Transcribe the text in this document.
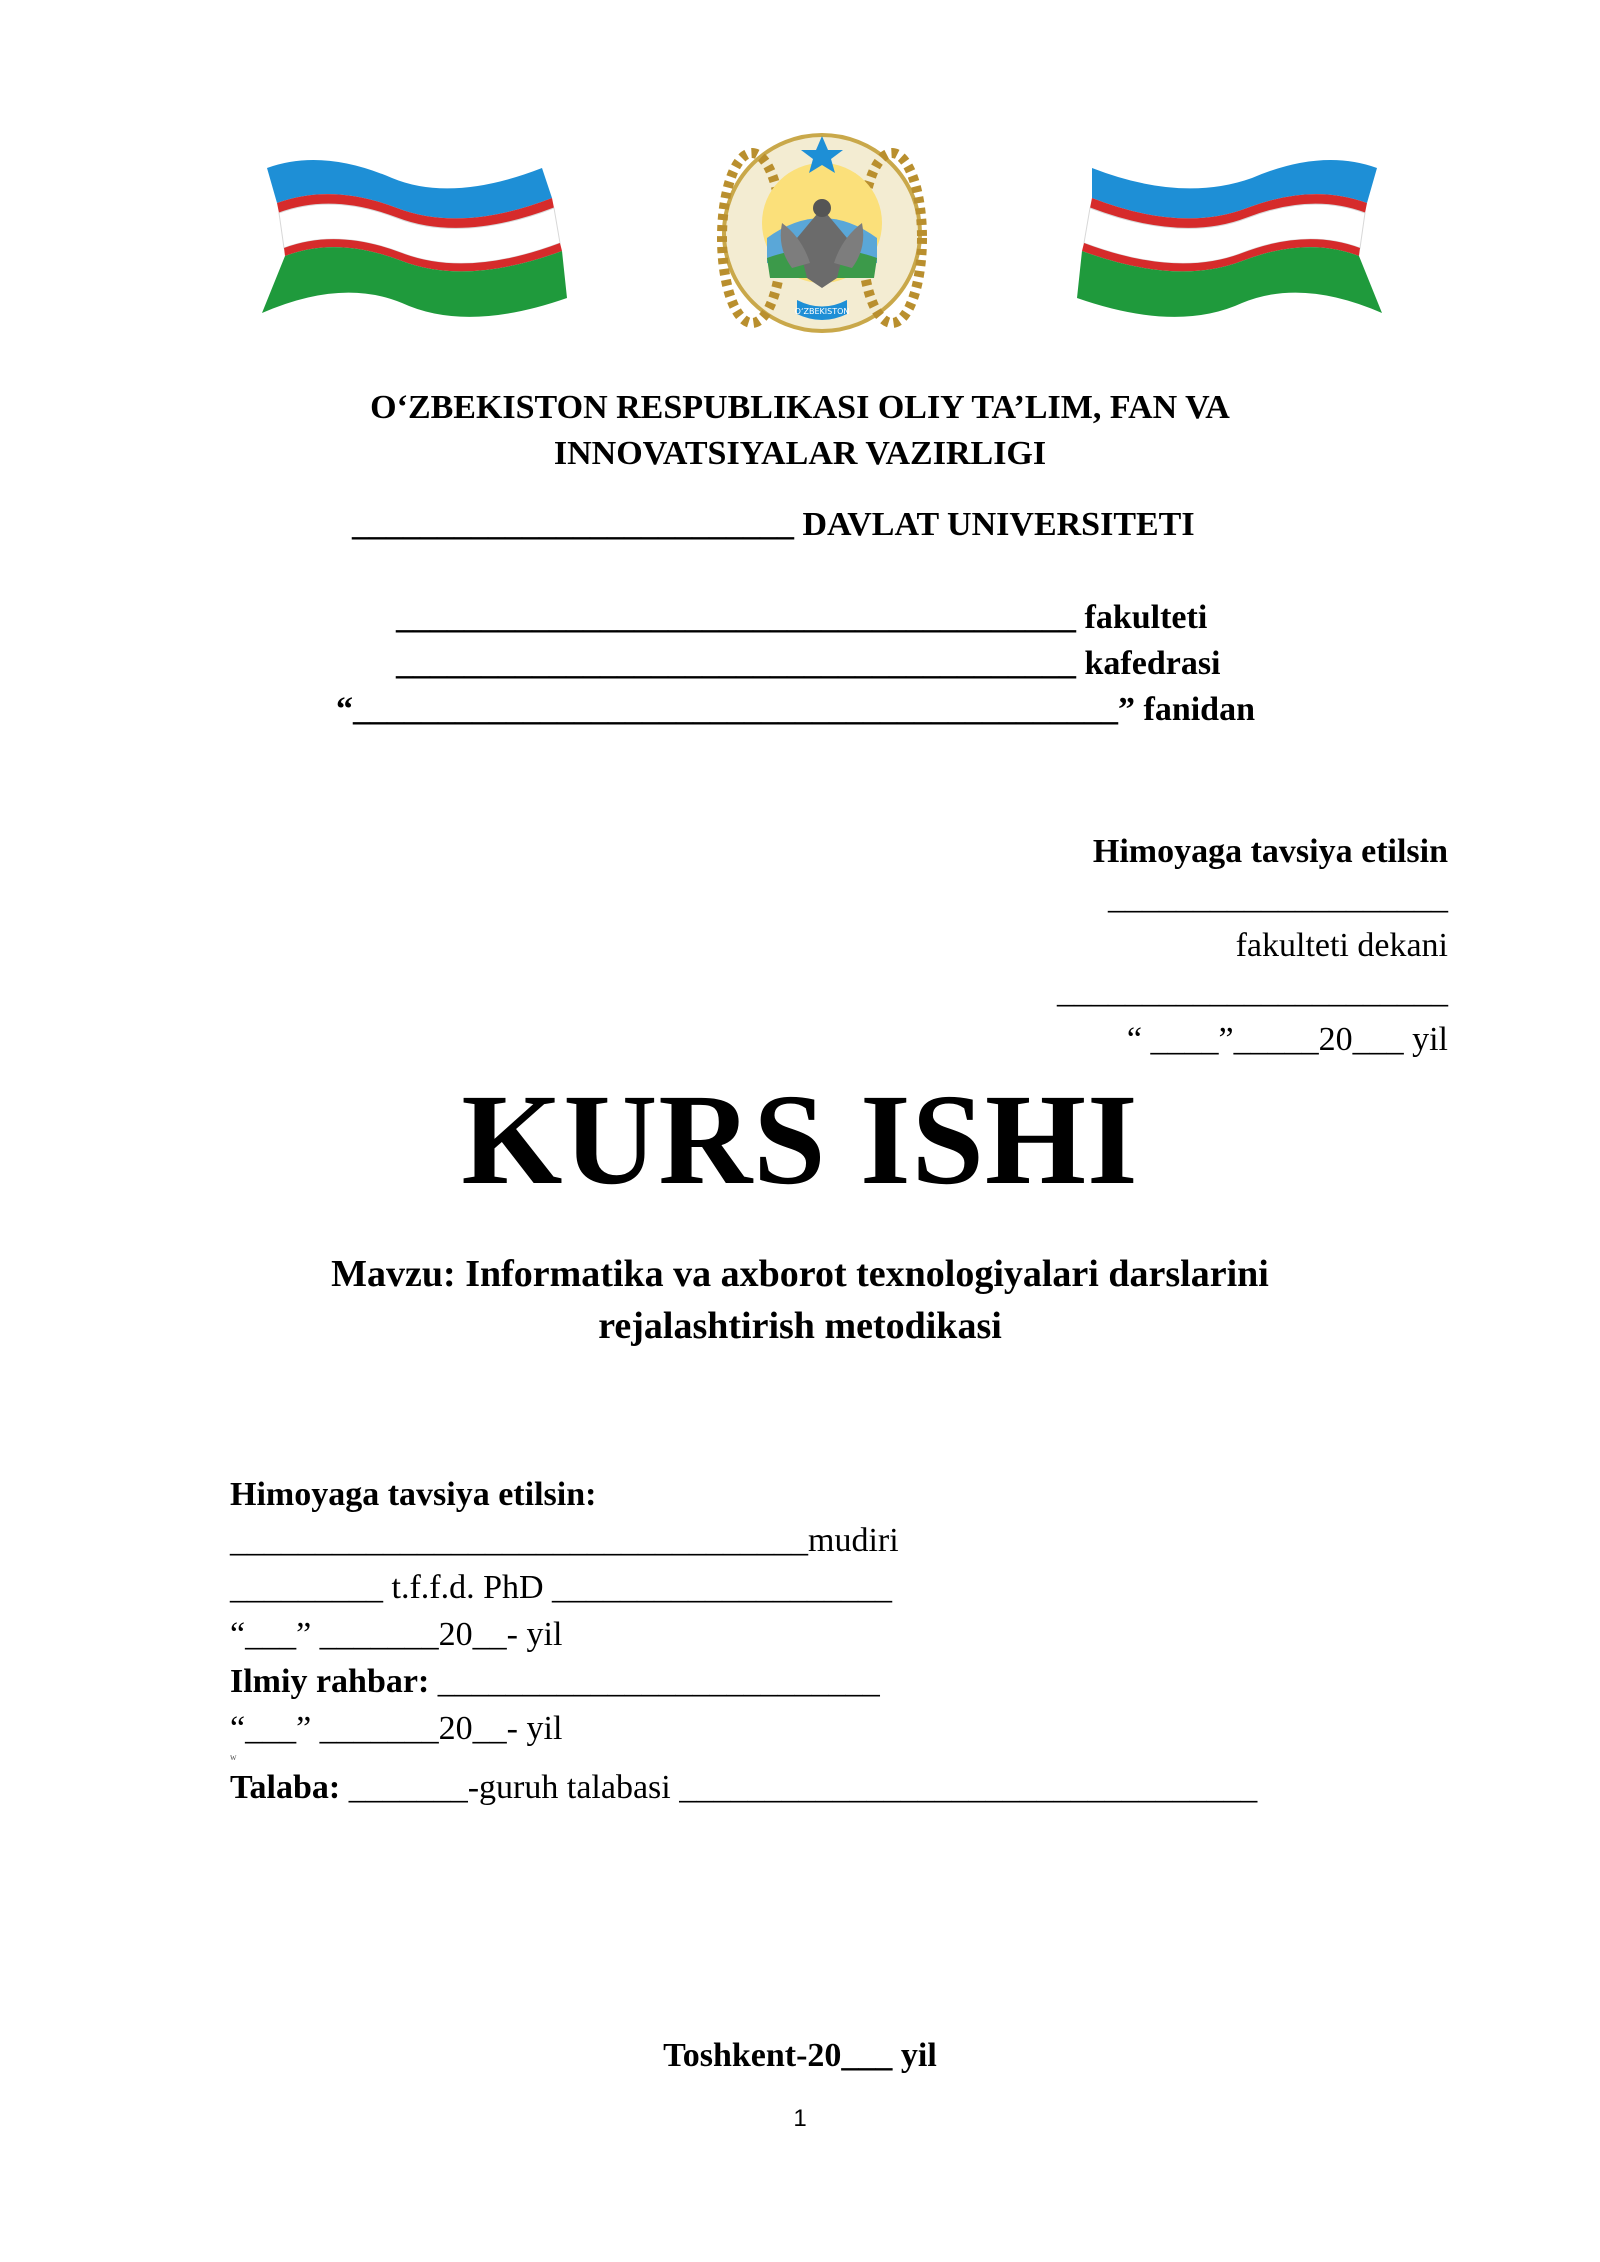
O‘ZBEKISTON
O‘ZBEKISTON RESPUBLIKASI OLIY TA’LIM, FAN VA
INNOVATSIYALAR VAZIRLIGI
__________________________ DAVLAT UNIVERSITETI
________________________________________ fakulteti
________________________________________ kafedrasi
“_____________________________________________” fanidan
Himoyaga tavsiya etilsin
____________________
fakulteti dekani
_______________________
“ ____”_____20___ yil
KURS ISHI
Mavzu: Informatika va axborot texnologiyalari darslarini
rejalashtirish metodikasi
Himoyaga tavsiya etilsin:
__________________________________mudiri
_________ t.f.f.d. PhD ____________________
“___” _______20__- yil
Ilmiy rahbar: __________________________
“___” _______20__- yil
w
Talaba: _______-guruh talabasi __________________________________
Toshkent-20___ yil
1
